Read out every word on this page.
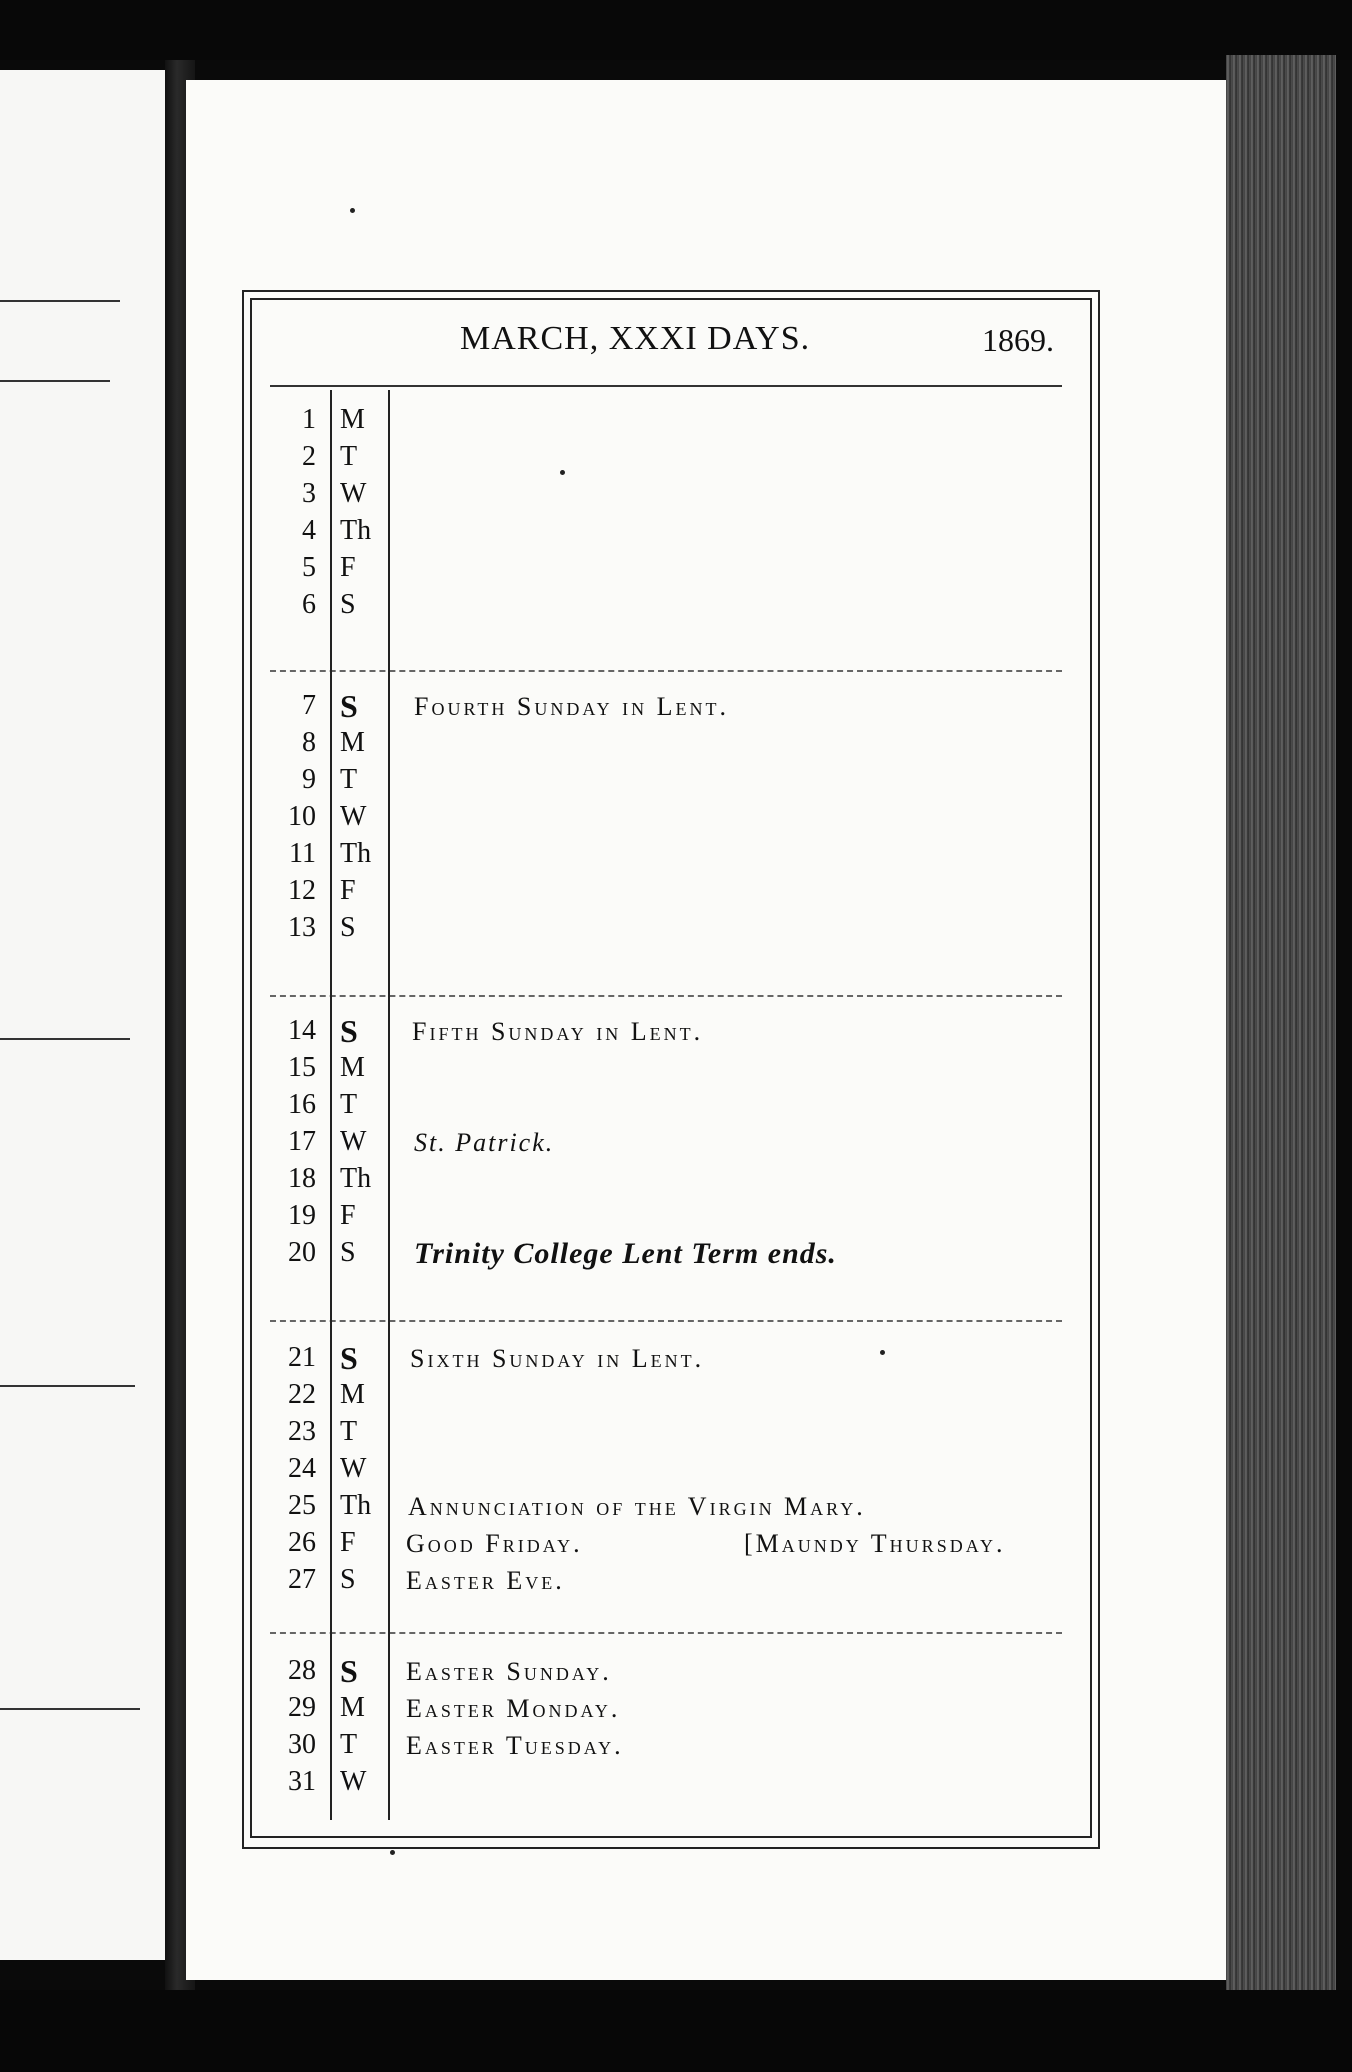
MARCH, XXXI DAYS.	1869.
1 M
2 T
3 W
4 Th
5 F
6 S
7 S Fourth Sunday in Lent.
8 M
9 T
10 W
11 Th
12 F
13 S
14 S Fifth Sunday in Lent.
15 M
16 T
17 W St. Patrick.
18 Th
19 F
20 S Trinity College Lent Term ends.
21 S Sixth Sunday in Lent.
22 M
23 T
24 W
25 Th Annunciation of the Virgin Mary.
26 F Good Friday.	[Maundy Thursday.
27 S Easter Eve.
28 S Easter Sunday.
29 M Easter Monday.
30 T Easter Tuesday.
31 W
